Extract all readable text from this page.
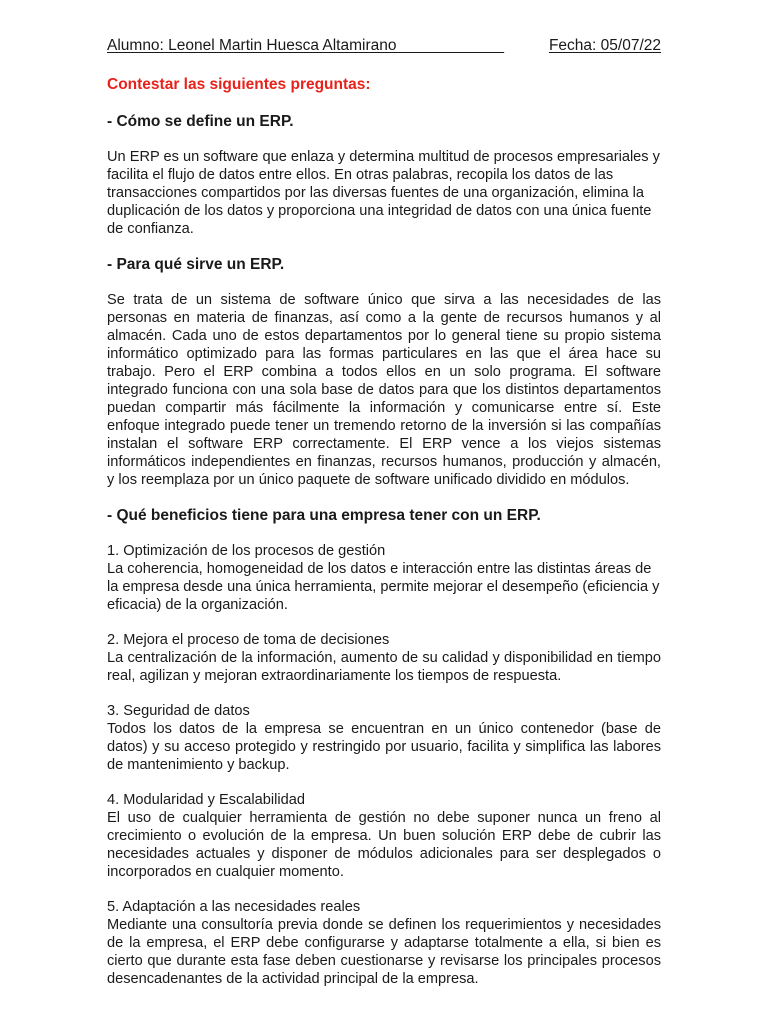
Alumno: Leonel Martin Huesca Altamirano	Fecha: 05/07/22
Contestar las siguientes preguntas:
- Cómo se define un ERP.

Un ERP es un software que enlaza y determina multitud de procesos empresariales y facilita el flujo de datos entre ellos. En otras palabras, recopila los datos de las transacciones compartidos por las diversas fuentes de una organización, elimina la duplicación de los datos y proporciona una integridad de datos con una única fuente de confianza.

- Para qué sirve un ERP.

Se trata de un sistema de software único que sirva a las necesidades de las personas en materia de finanzas, así como a la gente de recursos humanos y al almacén. Cada uno de estos departamentos por lo general tiene su propio sistema informático optimizado para las formas particulares en las que el área hace su trabajo. Pero el ERP combina a todos ellos en un solo programa. El software integrado funciona con una sola base de datos para que los distintos departamentos puedan compartir más fácilmente la información y comunicarse entre sí. Este enfoque integrado puede tener un tremendo retorno de la inversión si las compañías instalan el software ERP correctamente. El ERP vence a los viejos sistemas informáticos independientes en finanzas, recursos humanos, producción y almacén, y los reemplaza por un único paquete de software unificado dividido en módulos.

- Qué beneficios tiene para una empresa tener con un ERP.
1. Optimización de los procesos de gestión

La coherencia, homogeneidad de los datos e interacción entre las distintas áreas de la empresa desde una única herramienta, permite mejorar el desempeño (eficiencia y eficacia) de la organización.

2. Mejora el proceso de toma de decisiones

La centralización de la información, aumento de su calidad y disponibilidad en tiempo real, agilizan y mejoran extraordinariamente los tiempos de respuesta.

3. Seguridad de datos

Todos los datos de la empresa se encuentran en un único contenedor (base de datos) y su acceso protegido y restringido por usuario, facilita y simplifica las labores de mantenimiento y backup.

4. Modularidad y Escalabilidad

El uso de cualquier herramienta de gestión no debe suponer nunca un freno al crecimiento o evolución de la empresa. Un buen solución ERP debe de cubrir las necesidades actuales y disponer de módulos adicionales para ser desplegados o incorporados en cualquier momento.

5. Adaptación a las necesidades reales

Mediante una consultoría previa donde se definen los requerimientos y necesidades de la empresa, el ERP debe configurarse y adaptarse totalmente a ella, si bien es cierto que durante esta fase deben cuestionarse y revisarse los principales procesos desencadenantes de la actividad principal de la empresa.
